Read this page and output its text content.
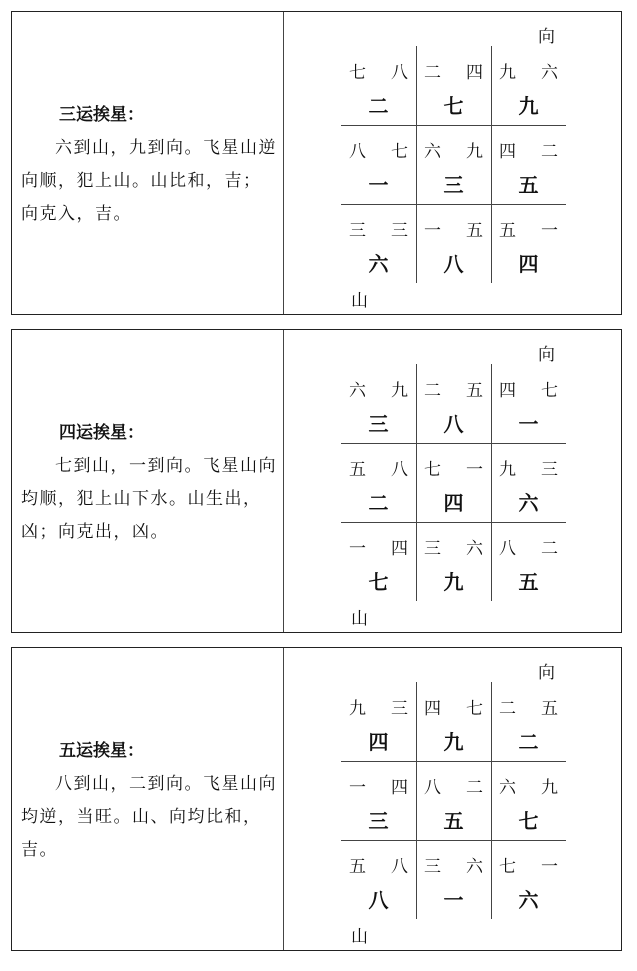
三运挨星：
六到山，九到向。飞星山逆向顺，犯上山。山比和，吉；向克入，吉。
向
山
七 八
二
二 四
七
九 六
九
八 七
一
六 九
三
四 二
五
三 三
六
一 五
八
五 一
四
四运挨星：
七到山，一到向。飞星山向均顺，犯上山下水。山生出，凶；向克出，凶。
向
山
六 九
三
二 五
八
四 七
一
五 八
二
七 一
四
九 三
六
一 四
七
三 六
九
八 二
五
五运挨星：
八到山，二到向。飞星山向均逆，当旺。山、向均比和，吉。
向
山
九 三
四
四 七
九
二 五
二
一 四
三
八 二
五
六 九
七
五 八
八
三 六
一
七 一
六
